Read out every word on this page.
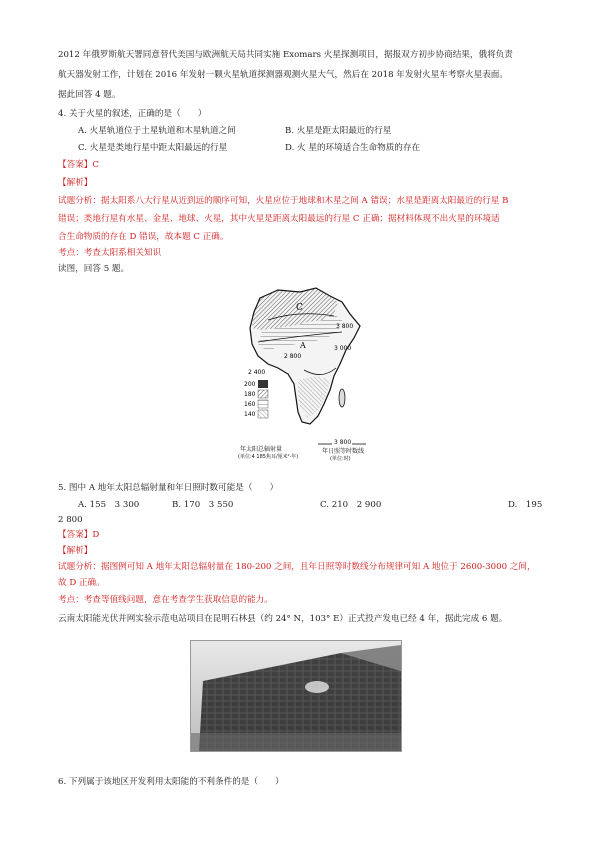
2012 年俄罗斯航天署同意替代美国与欧洲航天局共同实施 Exomars 火星探测项目，据报双方初步协商结果，俄将负责
航天器发射工作，计划在 2016 年发射一颗火星轨道探测器观测火星大气，然后在 2018 年发射火星车考察火星表面。
据此回答 4 题。
4. 关于火星的叙述，正确的是（　　）
A. 火星轨道位于土星轨道和木星轨道之间	B. 火星是距太阳最近的行星
C. 火星是类地行星中距太阳最远的行星	D. 火 星的环境适合生命物质的存在
【答案】C
【解析】
试题分析：据太阳系八大行星从近到远的顺序可知，火星应位于地球和木星之间 A 错误；水星是距离太阳最近的行星 B
错误；类地行星有水星、金星、地球、火星，其中火星是距离太阳最远的行星 C 正确；据材料体现不出火星的环境适
合生命物质的存在 D 错误，故本题 C 正确。
考点：考查太阳系相关知识
读图，回答 5 题。
C
A
3 800
3 000
2 800
2 400
200
180
160
140
年太阳总辐射量
(单位:4 185焦耳/厘米²·年)
3 800
年日照等时数线
(单位:时)
5. 图中 A 地年太阳总辐射量和年日照时数可能是（　　）
A. 155　3 300	B. 170　3 550	C. 210　2 900	D.　195
2 800
【答案】D
【解析】
试题分析：据图例可知 A 地年太阳总辐射量在 180-200 之间，且年日照等时数线分布规律可知 A 地位于 2600-3000 之间，
故 D 正确。
考点：考查等值线问题，意在考查学生获取信息的能力。
云南太阳能光伏并网实验示范电站项目在昆明石林县（约 24° N，103° E）正式投产发电已经 4 年，据此完成 6 题。
6. 下列属于该地区开发利用太阳能的不利条件的是（　　）
